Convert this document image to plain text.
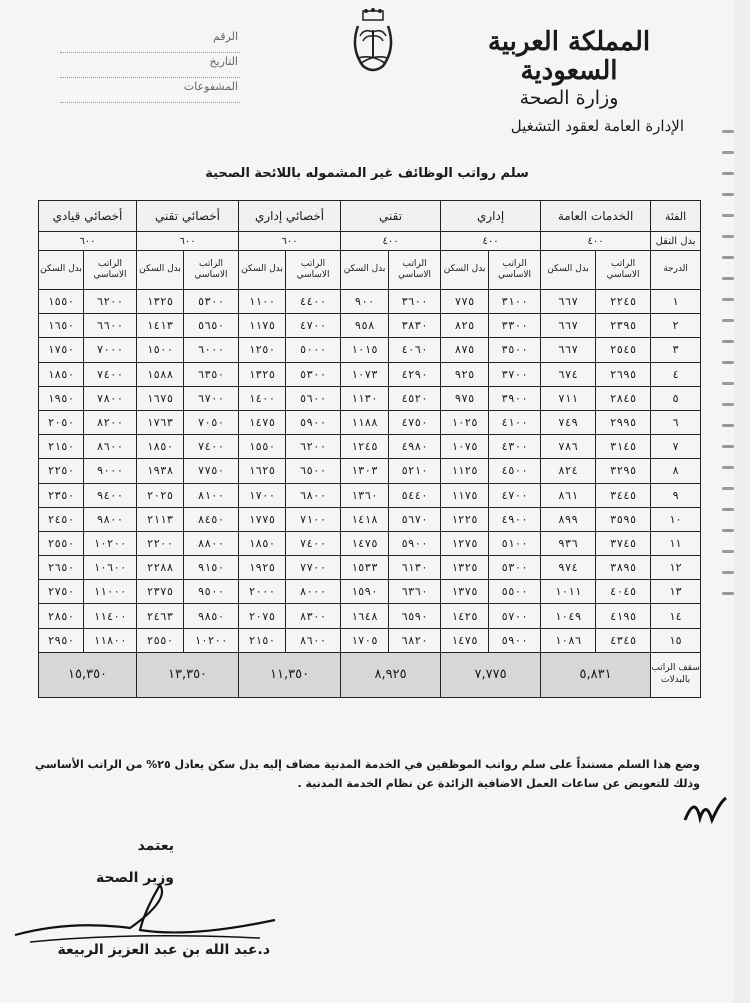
المملكة العربية السعودية
وزارة الصحة
الإدارة العامة لعقود التشغيل
الرقم
التاريخ
المشفوعات
سلم رواتب الوظائف غير المشموله باللائحة الصحية
الفئة	الخدمات العامة		إداري		تقني		أخصائي إداري		أخصائي تقني		أخصائي قيادي	
بدل النقل	٤٠٠		٤٠٠		٤٠٠		٦٠٠		٦٠٠		٦٠٠	
الدرجة	الراتب الاساسي	بدل السكن	الراتب الاساسي	بدل السكن	الراتب الاساسي	بدل السكن	الراتب الاساسي	بدل السكن	الراتب الاساسي	بدل السكن	الراتب الاساسي	بدل السكن
١	٢٢٤٥	٦٦٧	٣١٠٠	٧٧٥	٣٦٠٠	٩٠٠	٤٤٠٠	١١٠٠	٥٣٠٠	١٣٢٥	٦٢٠٠	١٥٥٠
٢	٢٣٩٥	٦٦٧	٣٣٠٠	٨٢٥	٣٨٣٠	٩٥٨	٤٧٠٠	١١٧٥	٥٦٥٠	١٤١٣	٦٦٠٠	١٦٥٠
٣	٢٥٤٥	٦٦٧	٣٥٠٠	٨٧٥	٤٠٦٠	١٠١٥	٥٠٠٠	١٢٥٠	٦٠٠٠	١٥٠٠	٧٠٠٠	١٧٥٠
٤	٢٦٩٥	٦٧٤	٣٧٠٠	٩٢٥	٤٢٩٠	١٠٧٣	٥٣٠٠	١٣٢٥	٦٣٥٠	١٥٨٨	٧٤٠٠	١٨٥٠
٥	٢٨٤٥	٧١١	٣٩٠٠	٩٧٥	٤٥٢٠	١١٣٠	٥٦٠٠	١٤٠٠	٦٧٠٠	١٦٧٥	٧٨٠٠	١٩٥٠
٦	٢٩٩٥	٧٤٩	٤١٠٠	١٠٢٥	٤٧٥٠	١١٨٨	٥٩٠٠	١٤٧٥	٧٠٥٠	١٧٦٣	٨٢٠٠	٢٠٥٠
٧	٣١٤٥	٧٨٦	٤٣٠٠	١٠٧٥	٤٩٨٠	١٢٤٥	٦٢٠٠	١٥٥٠	٧٤٠٠	١٨٥٠	٨٦٠٠	٢١٥٠
٨	٣٢٩٥	٨٢٤	٤٥٠٠	١١٢٥	٥٢١٠	١٣٠٣	٦٥٠٠	١٦٢٥	٧٧٥٠	١٩٣٨	٩٠٠٠	٢٢٥٠
٩	٣٤٤٥	٨٦١	٤٧٠٠	١١٧٥	٥٤٤٠	١٣٦٠	٦٨٠٠	١٧٠٠	٨١٠٠	٢٠٢٥	٩٤٠٠	٢٣٥٠
١٠	٣٥٩٥	٨٩٩	٤٩٠٠	١٢٢٥	٥٦٧٠	١٤١٨	٧١٠٠	١٧٧٥	٨٤٥٠	٢١١٣	٩٨٠٠	٢٤٥٠
١١	٣٧٤٥	٩٣٦	٥١٠٠	١٢٧٥	٥٩٠٠	١٤٧٥	٧٤٠٠	١٨٥٠	٨٨٠٠	٢٢٠٠	١٠٢٠٠	٢٥٥٠
١٢	٣٨٩٥	٩٧٤	٥٣٠٠	١٣٢٥	٦١٣٠	١٥٣٣	٧٧٠٠	١٩٢٥	٩١٥٠	٢٢٨٨	١٠٦٠٠	٢٦٥٠
١٣	٤٠٤٥	١٠١١	٥٥٠٠	١٣٧٥	٦٣٦٠	١٥٩٠	٨٠٠٠	٢٠٠٠	٩٥٠٠	٢٣٧٥	١١٠٠٠	٢٧٥٠
١٤	٤١٩٥	١٠٤٩	٥٧٠٠	١٤٢٥	٦٥٩٠	١٦٤٨	٨٣٠٠	٢٠٧٥	٩٨٥٠	٢٤٦٣	١١٤٠٠	٢٨٥٠
١٥	٤٣٤٥	١٠٨٦	٥٩٠٠	١٤٧٥	٦٨٢٠	١٧٠٥	٨٦٠٠	٢١٥٠	١٠٢٠٠	٢٥٥٠	١١٨٠٠	٢٩٥٠
سقف الراتب بالبدلات	٥,٨٣١		٧,٧٧٥		٨,٩٢٥		١١,٣٥٠		١٣,٣٥٠		١٥,٣٥٠	
وضع هذا السلم مستنداً على سلم رواتب الموظفين في الخدمة المدنية مضاف إليه بدل سكن يعادل ٢٥% من الراتب الأساسي وذلك للتعويض عن ساعات العمل الاضافية الزائدة عن نظام الخدمة المدنية .
يعتمد
وزير الصحة
د.عبد الله بن عبد العزيز الربيعة
